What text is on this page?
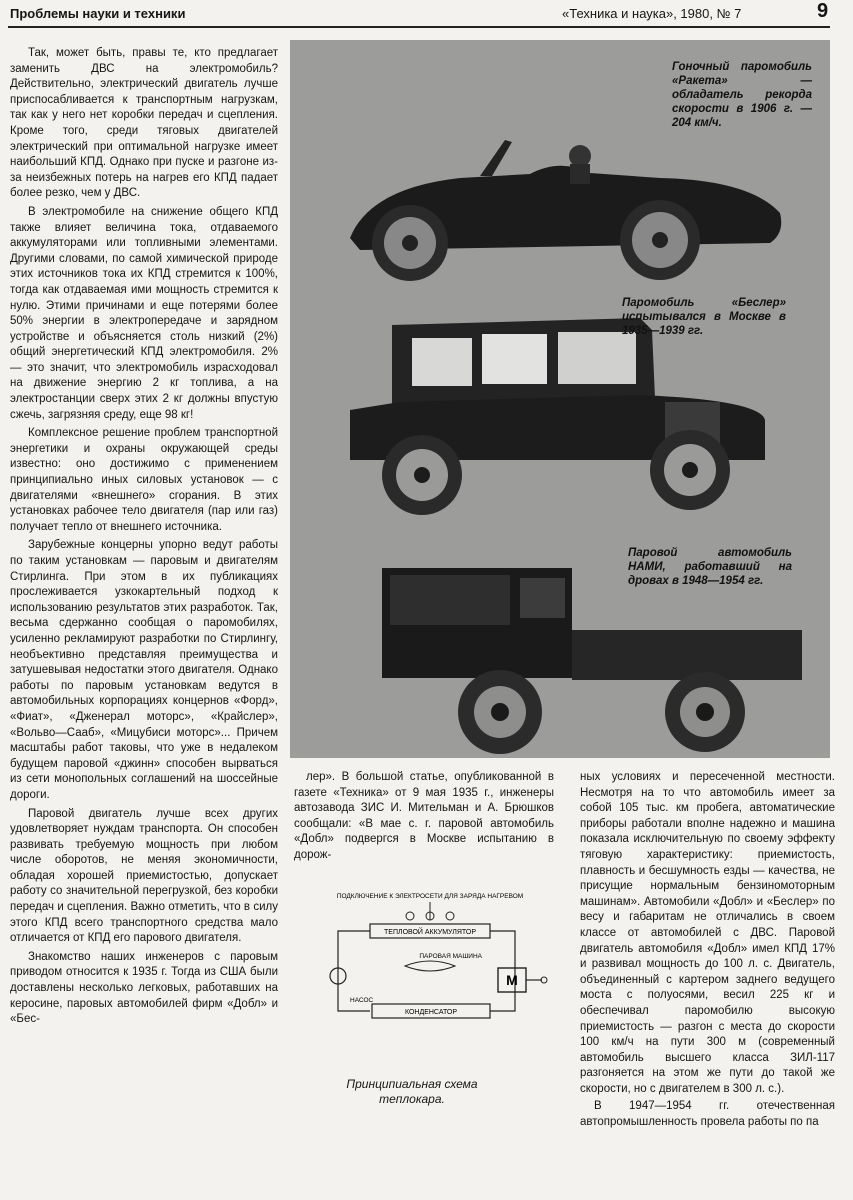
Проблемы науки и техники	«Техника и наука», 1980, № 7	9

Так, может быть, правы те, кто предлагает заменить ДВС на электромобиль? Действительно, электрический двигатель лучше приспосабливается к транспортным нагрузкам, так как у него нет коробки передач и сцепления. Кроме того, среди тяговых двигателей электрический при оптимальной нагрузке имеет наибольший КПД. Однако при пуске и разгоне из-за неизбежных потерь на нагрев его КПД падает более резко, чем у ДВС.

В электромобиле на снижение общего КПД также влияет величина тока, отдаваемого аккумуляторами или топливными элементами. Другими словами, по самой химической природе этих источников тока их КПД стремится к 100%, тогда как отдаваемая ими мощность стремится к нулю. Этими причинами и еще потерями более 50% энергии в электропередаче и зарядном устройстве и объясняется столь низкий (2%) общий энергетический КПД электромобиля. 2% — это значит, что электромобиль израсходовал на движение энергию 2 кг топлива, а на электростанции сверх этих 2 кг должны впустую сжечь, загрязняя среду, еще 98 кг!

Комплексное решение проблем транспортной энергетики и охраны окружающей среды известно: оно достижимо с применением принципиально иных силовых установок — с двигателями «внешнего» сгорания. В этих установках рабочее тело двигателя (пар или газ) получает тепло от внешнего источника.

Зарубежные концерны упорно ведут работы по таким установкам — паровым и двигателям Стирлинга. При этом в их публикациях прослеживается узкокартельный подход к использованию результатов этих разработок. Так, весьма сдержанно сообщая о паромобилях, усиленно рекламируют разработки по Стирлингу, необъективно представляя преимущества и затушевывая недостатки этого двигателя. Однако работы по паровым установкам ведутся в автомобильных корпорациях концернов «Форд», «Фиат», «Дженерал моторс», «Крайслер», «Вольво—Сааб», «Мицубиси моторс»... Причем масштабы работ таковы, что уже в недалеком будущем паровой «джинн» способен вырваться из сети монопольных соглашений на шоссейные дороги.

Паровой двигатель лучше всех других удовлетворяет нуждам транспорта. Он способен развивать требуемую мощность при любом числе оборотов, не меняя экономичности, обладая хорошей приемистостью, допускает работу со значительной перегрузкой, без коробки передач и сцепления. Важно отметить, что в силу этого КПД всего транспортного средства мало отличается от КПД его парового двигателя.

Знакомство наших инженеров с паровым приводом относится к 1935 г. Тогда из США были доставлены несколько легковых, работавших на керосине, паровых автомобилей фирм «Добл» и «Бес-

Гоночный паромобиль «Ракета» — обладатель рекорда скорости в 1906 г. — 204 км/ч.
Паромобиль «Беслер» испытывался в Москве в 1935—1939 гг.
Паровой автомобиль НАМИ, работавший на дровах в 1948—1954 гг.

лер». В большой статье, опубликованной в газете «Техника» от 9 мая 1935 г., инженеры автозавода ЗИС И. Мительман и А. Брюшков сообщали: «В мае с. г. паровой автомобиль «Добл» подвергся в Москве испытанию в дорож-

ных условиях и пересеченной местности. Несмотря на то что автомобиль имеет за собой 105 тыс. км пробега, автоматические приборы работали вполне надежно и машина показала исключительную по своему эффекту тяговую характеристику: приемистость, плавность и бесшумность езды — качества, не присущие нормальным бензиномоторным машинам». Автомобили «Добл» и «Беслер» по весу и габаритам не отличались в своем классе от автомобилей с ДВС. Паровой двигатель автомобиля «Добл» имел КПД 17% и развивал мощность до 100 л. с. Двигатель, объединенный с картером заднего ведущего моста с полуосями, весил 225 кг и обеспечивал паромобилю высокую приемистость — разгон с места до скорости 100 км/ч на пути 300 м (современный автомобиль высшего класса ЗИЛ-117 разгоняется на этом же пути до такой же скорости, но с двигателем в 300 л. с.).

В 1947—1954 гг. отечественная автопромышленность провела работы по па

ПОДКЛЮЧЕНИЕ К ЭЛЕКТРОСЕТИ ДЛЯ ЗАРЯДА НАГРЕВОМ
ТЕПЛОВОЙ АККУМУЛЯТОР
НАСОС
M
ПАРОВАЯ МАШИНА
КОНДЕНСАТОР
Принципиальная схема теплокара.
